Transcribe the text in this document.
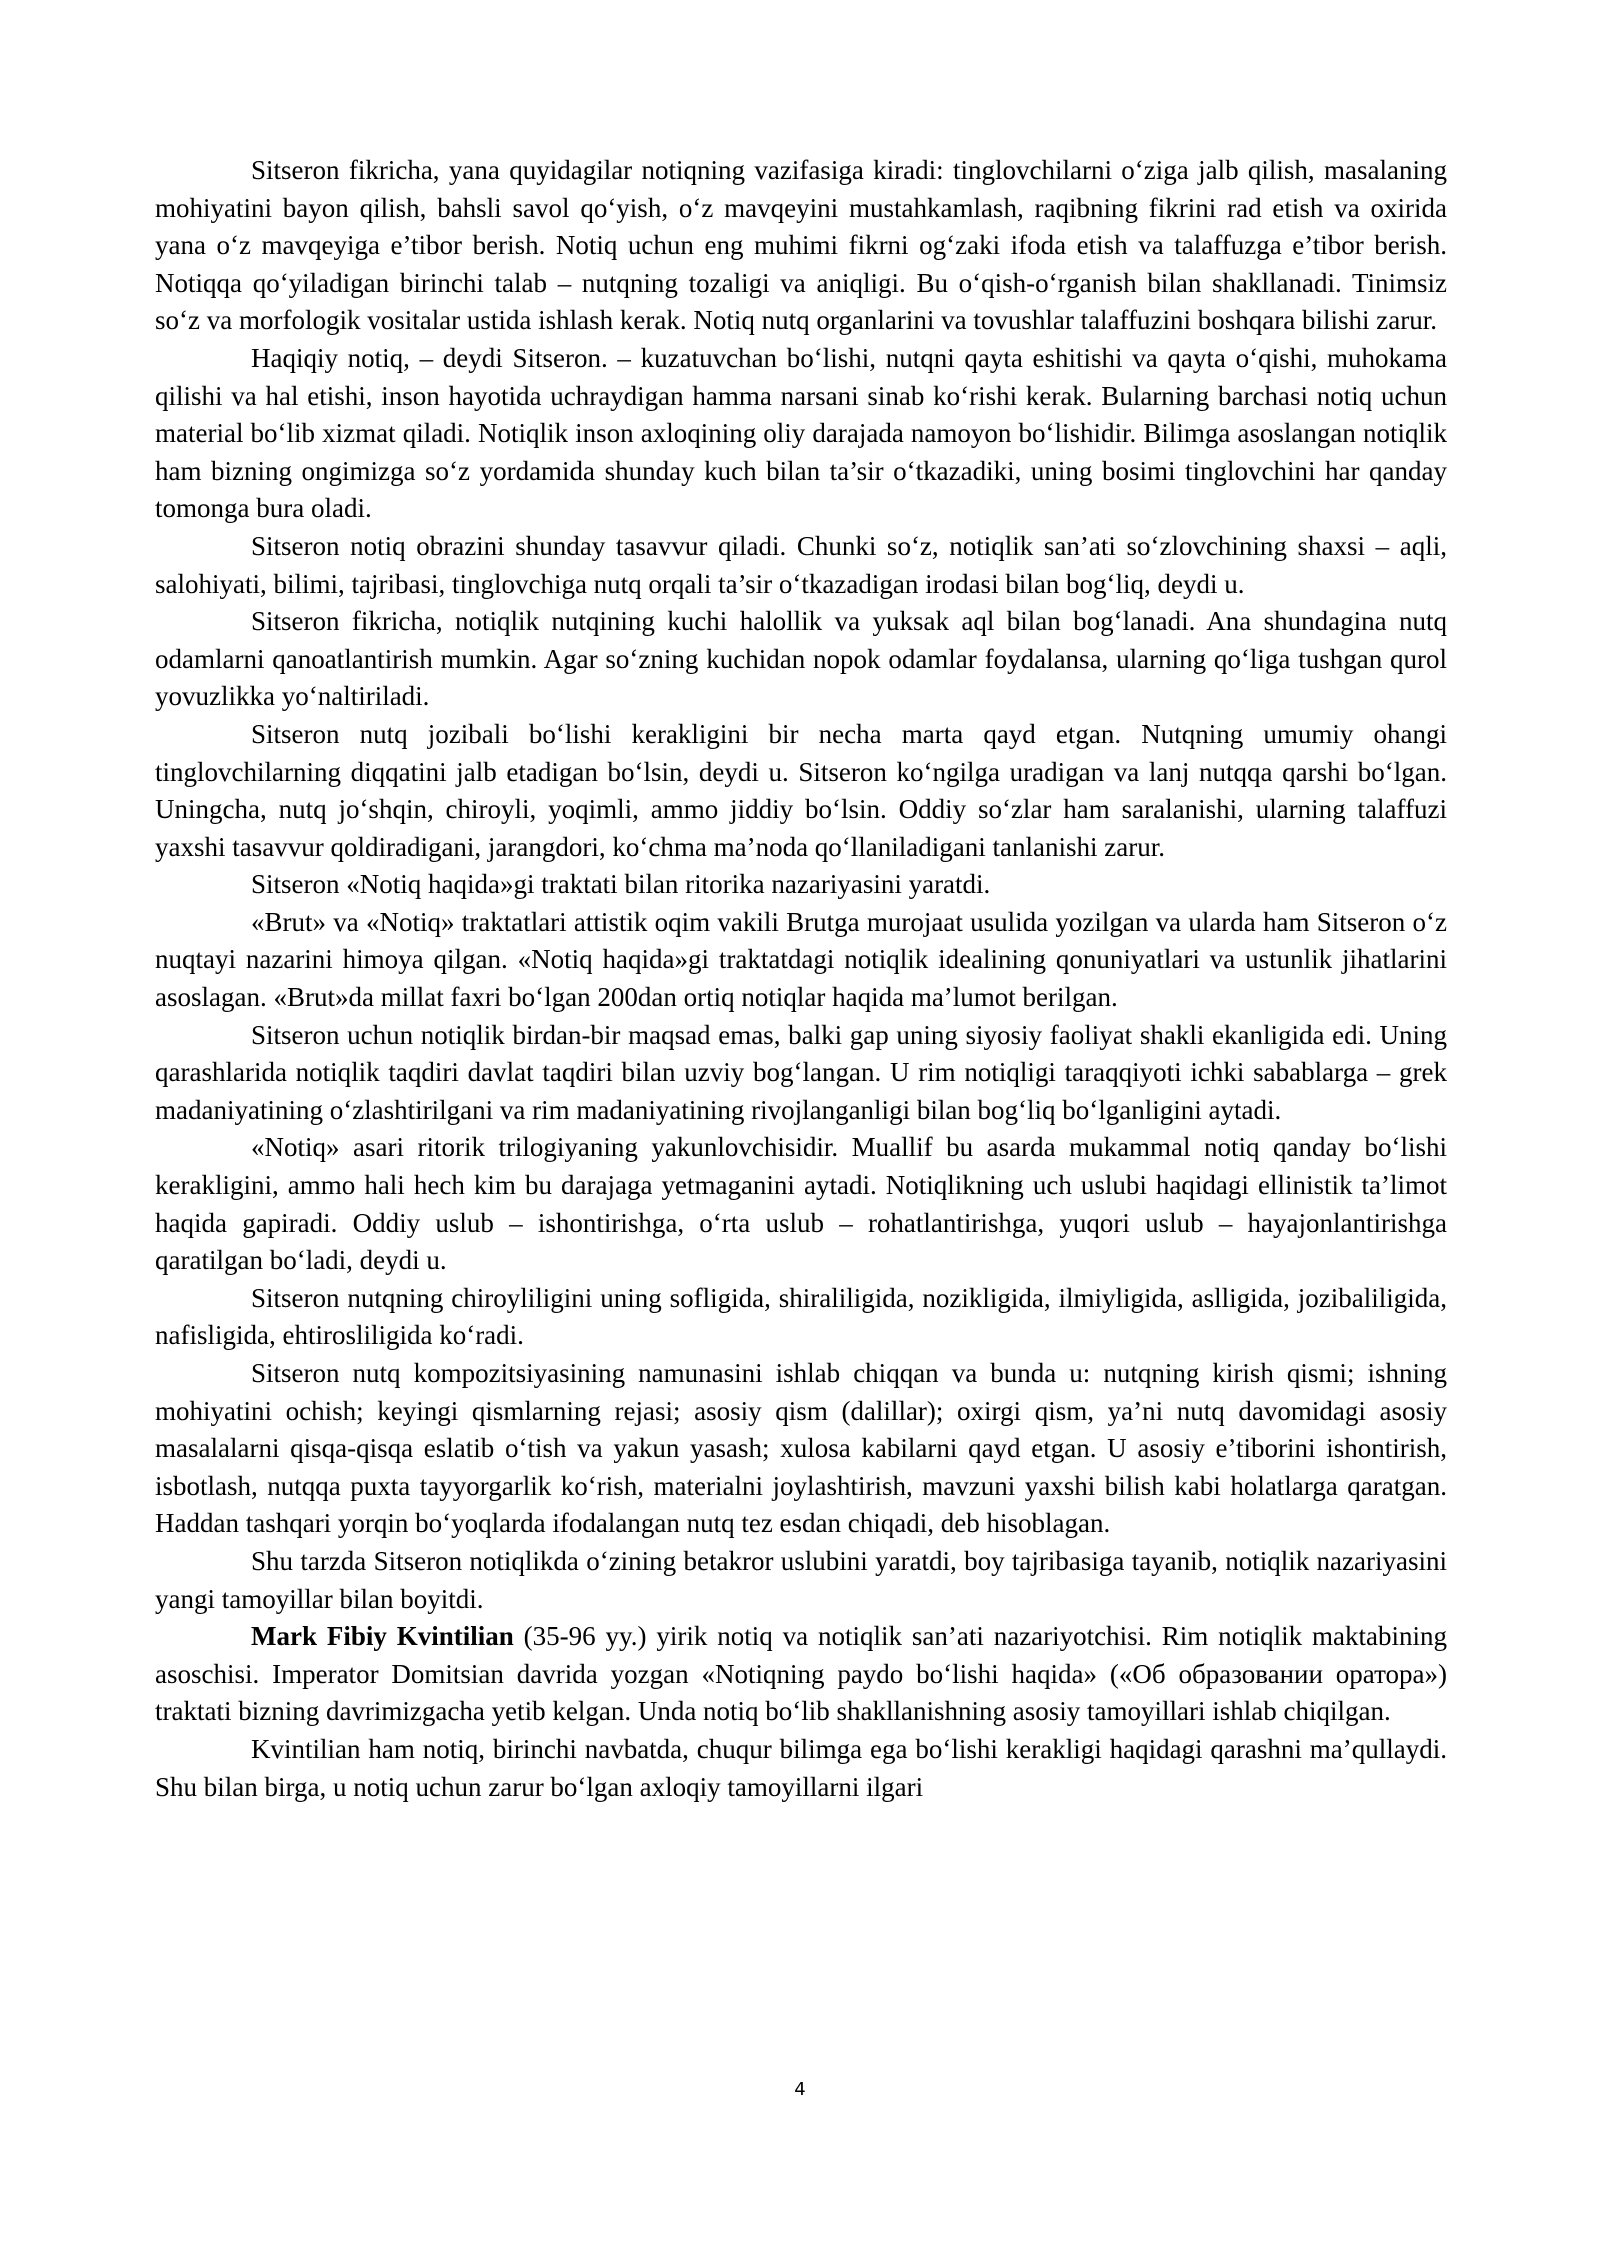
Sitseron fikricha, yana quyidagilar notiqning vazifasiga kiradi: tinglovchilarni o‘ziga jalb qilish, masalaning mohiyatini bayon qilish, bahsli savol qo‘yish, o‘z mavqeyini mustahkamlash, raqibning fikrini rad etish va oxirida yana o‘z mavqeyiga e’tibor berish. Notiq uchun eng muhimi fikrni og‘zaki ifoda etish va talaffuzga e’tibor berish. Notiqqa qo‘yiladigan birinchi talab – nutqning tozaligi va aniqligi. Bu o‘qish-o‘rganish bilan shakllanadi. Tinimsiz so‘z va morfologik vositalar ustida ishlash kerak. Notiq nutq organlarini va tovushlar talaffuzini boshqara bilishi zarur.

Haqiqiy notiq, – deydi Sitseron. – kuzatuvchan bo‘lishi, nutqni qayta eshitishi va qayta o‘qishi, muhokama qilishi va hal etishi, inson hayotida uchraydigan hamma narsani sinab ko‘rishi kerak. Bularning barchasi notiq uchun material bo‘lib xizmat qiladi. Notiqlik inson axloqining oliy darajada namoyon bo‘lishidir. Bilimga asoslangan notiqlik ham bizning ongimizga so‘z yordamida shunday kuch bilan ta’sir o‘tkazadiki, uning bosimi tinglovchini har qanday tomonga bura oladi.

Sitseron notiq obrazini shunday tasavvur qiladi. Chunki so‘z, notiqlik san’ati so‘zlovchining shaxsi – aqli, salohiyati, bilimi, tajribasi, tinglovchiga nutq orqali ta’sir o‘tkazadigan irodasi bilan bog‘liq, deydi u.

Sitseron fikricha, notiqlik nutqining kuchi halollik va yuksak aql bilan bog‘lanadi. Ana shundagina nutq odamlarni qanoatlantirish mumkin. Agar so‘zning kuchidan nopok odamlar foydalansa, ularning qo‘liga tushgan qurol yovuzlikka yo‘naltiriladi.

Sitseron nutq jozibali bo‘lishi kerakligini bir necha marta qayd etgan. Nutqning umumiy ohangi tinglovchilarning diqqatini jalb etadigan bo‘lsin, deydi u. Sitseron ko‘ngilga uradigan va lanj nutqqa qarshi bo‘lgan. Uningcha, nutq jo‘shqin, chiroyli, yoqimli, ammo jiddiy bo‘lsin. Oddiy so‘zlar ham saralanishi, ularning talaffuzi yaxshi tasavvur qoldiradigani, jarangdori, ko‘chma ma’noda qo‘llaniladigani tanlanishi zarur.

Sitseron «Notiq haqida»gi traktati bilan ritorika nazariyasini yaratdi.

«Brut» va «Notiq» traktatlari attistik oqim vakili Brutga murojaat usulida yozilgan va ularda ham Sitseron o‘z nuqtayi nazarini himoya qilgan. «Notiq haqida»gi traktatdagi notiqlik idealining qonuniyatlari va ustunlik jihatlarini asoslagan. «Brut»da millat faxri bo‘lgan 200dan ortiq notiqlar haqida ma’lumot berilgan.

Sitseron uchun notiqlik birdan-bir maqsad emas, balki gap uning siyosiy faoliyat shakli ekanligida edi. Uning qarashlarida notiqlik taqdiri davlat taqdiri bilan uzviy bog‘langan. U rim notiqligi taraqqiyoti ichki sabablarga – grek madaniyatining o‘zlashtirilgani va rim madaniyatining rivojlanganligi bilan bog‘liq bo‘lganligini aytadi.

«Notiq» asari ritorik trilogiyaning yakunlovchisidir. Muallif bu asarda mukammal notiq qanday bo‘lishi kerakligini, ammo hali hech kim bu darajaga yetmaganini aytadi. Notiqlikning uch uslubi haqidagi ellinistik ta’limot haqida gapiradi. Oddiy uslub – ishontirishga, o‘rta uslub – rohatlantirishga, yuqori uslub – hayajonlantirishga qaratilgan bo‘ladi, deydi u.

Sitseron nutqning chiroyliligini uning sofligida, shiraliligida, nozikligida, ilmiyligida, aslligida, jozibaliligida, nafisligida, ehtirosliligida ko‘radi.

Sitseron nutq kompozitsiyasining namunasini ishlab chiqqan va bunda u: nutqning kirish qismi; ishning mohiyatini ochish; keyingi qismlarning rejasi; asosiy qism (dalillar); oxirgi qism, ya’ni nutq davomidagi asosiy masalalarni qisqa-qisqa eslatib o‘tish va yakun yasash; xulosa kabilarni qayd etgan. U asosiy e’tiborini ishontirish, isbotlash, nutqqa puxta tayyorgarlik ko‘rish, materialni joylashtirish, mavzuni yaxshi bilish kabi holatlarga qaratgan. Haddan tashqari yorqin bo‘yoqlarda ifodalangan nutq tez esdan chiqadi, deb hisoblagan.

Shu tarzda Sitseron notiqlikda o‘zining betakror uslubini yaratdi, boy tajribasiga tayanib, notiqlik nazariyasini yangi tamoyillar bilan boyitdi.

Mark Fibiy Kvintilian (35-96 yy.) yirik notiq va notiqlik san’ati nazariyotchisi. Rim notiqlik maktabining asoschisi. Imperator Domitsian davrida yozgan «Notiqning paydo bo‘lishi haqida» («Об образовании оратора») traktati bizning davrimizgacha yetib kelgan. Unda notiq bo‘lib shakllanishning asosiy tamoyillari ishlab chiqilgan.

Kvintilian ham notiq, birinchi navbatda, chuqur bilimga ega bo‘lishi kerakligi haqidagi qarashni ma’qullaydi. Shu bilan birga, u notiq uchun zarur bo‘lgan axloqiy tamoyillarni ilgari

4
